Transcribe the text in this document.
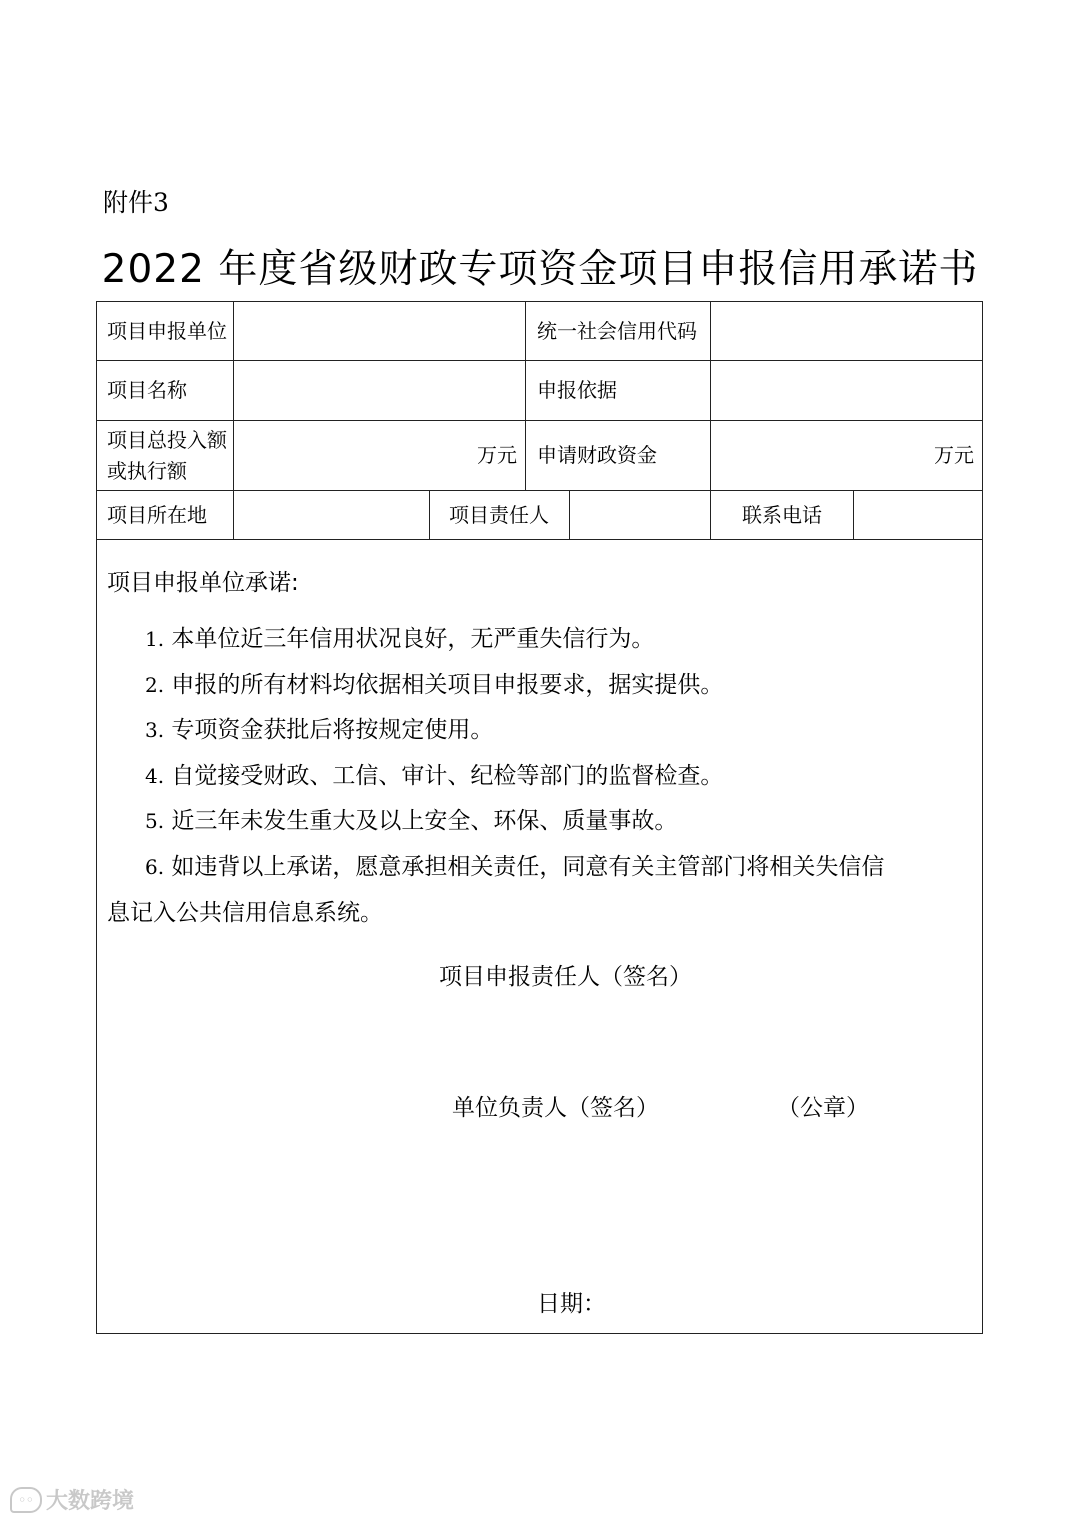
附件3
2022 年度省级财政专项资金项目申报信用承诺书
项目申报单位	统一社会信用代码
项目名称	申报依据
项目总投入额
或执行额
万元 申请财政资金	万元
项目所在地	项目责任人	联系电话
项目申报单位承诺:
1. 本单位近三年信用状况良好，无严重失信行为。
2. 申报的所有材料均依据相关项目申报要求，据实提供。
3. 专项资金获批后将按规定使用。
4. 自觉接受财政、工信、审计、纪检等部门的监督检查。
5. 近三年未发生重大及以上安全、环保、质量事故。
6. 如违背以上承诺，愿意承担相关责任，同意有关主管部门将相关失信信
息记入公共信用信息系统。
项目申报责任人（签名）
单位负责人（签名）	（公章）
日期：
◦◦ 大数跨境
